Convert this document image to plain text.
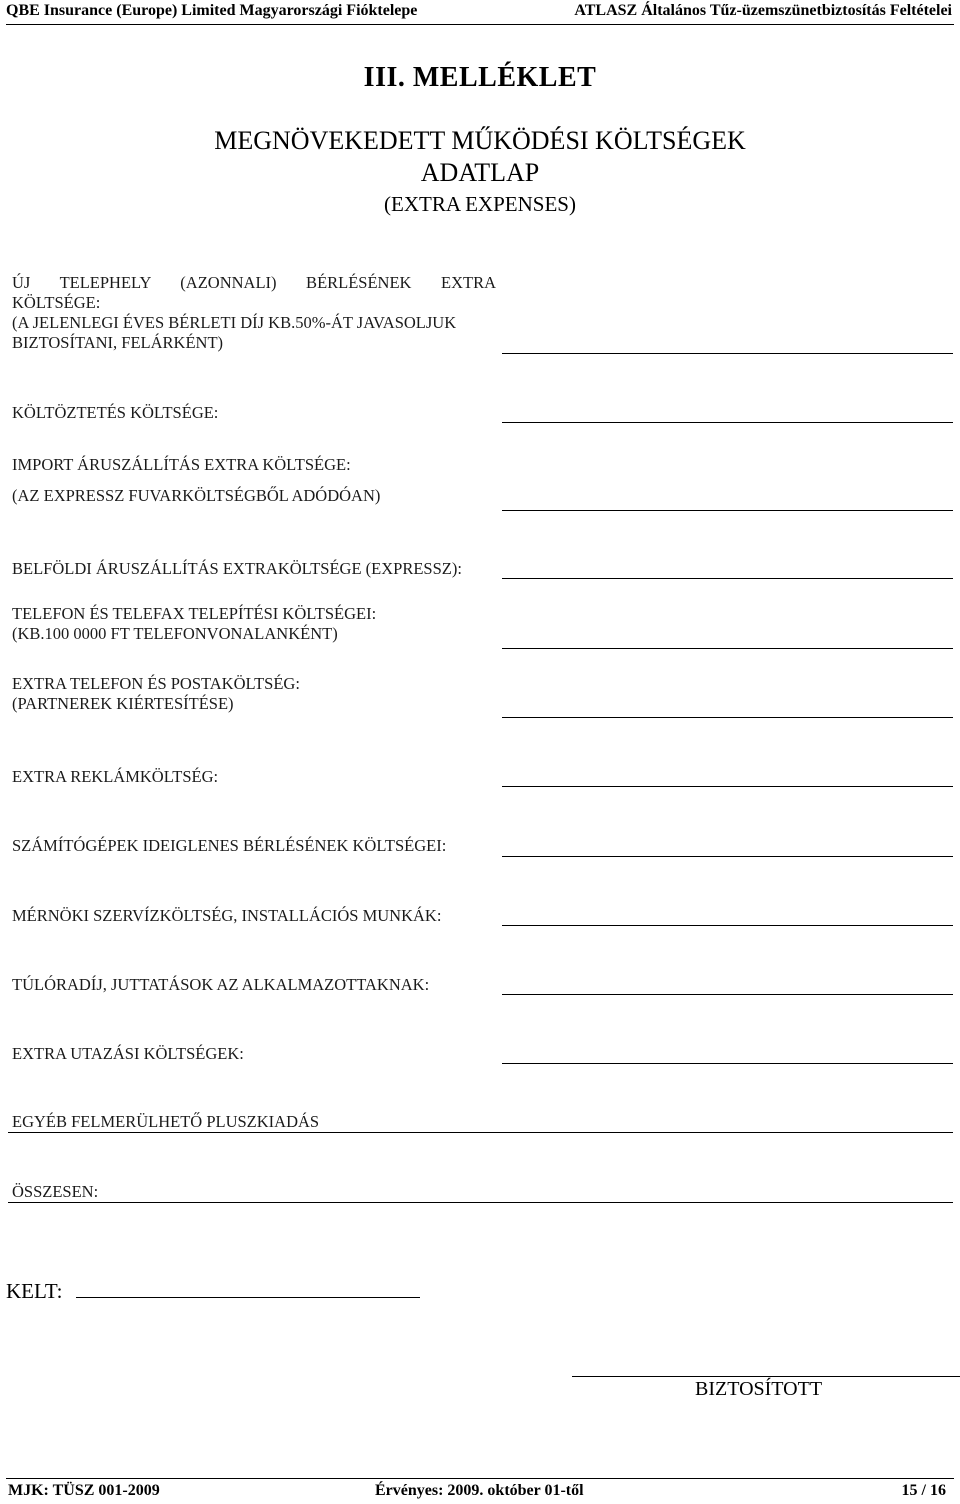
QBE Insurance (Europe) Limited Magyarországi Fióktelepe	ATLASZ Általános Tűz-üzemszünetbiztosítás Feltételei
III. MELLÉKLET
MEGNÖVEKEDETT MŰKÖDÉSI KÖLTSÉGEK
ADATLAP
(EXTRA EXPENSES)
ÚJ TELEPHELY (AZONNALI) BÉRLÉSÉNEK EXTRA
KÖLTSÉGE:
(A JELENLEGI ÉVES BÉRLETI DÍJ KB.50%-ÁT JAVASOLJUK
BIZTOSÍTANI, FELÁRKÉNT)
KÖLTÖZTETÉS KÖLTSÉGE:
IMPORT ÁRUSZÁLLÍTÁS EXTRA KÖLTSÉGE:
(AZ EXPRESSZ FUVARKÖLTSÉGBŐL ADÓDÓAN)
BELFÖLDI ÁRUSZÁLLÍTÁS EXTRAKÖLTSÉGE (EXPRESSZ):
TELEFON ÉS TELEFAX TELEPÍTÉSI KÖLTSÉGEI:
(KB.100 0000 FT TELEFONVONALANKÉNT)
EXTRA TELEFON ÉS POSTAKÖLTSÉG:
(PARTNEREK KIÉRTESÍTÉSE)
EXTRA REKLÁMKÖLTSÉG:
SZÁMÍTÓGÉPEK IDEIGLENES BÉRLÉSÉNEK KÖLTSÉGEI:
MÉRNÖKI SZERVÍZKÖLTSÉG, INSTALLÁCIÓS MUNKÁK:
TÚLÓRADÍJ, JUTTATÁSOK AZ ALKALMAZOTTAKNAK:
EXTRA UTAZÁSI KÖLTSÉGEK:
EGYÉB FELMERÜLHETŐ PLUSZKIADÁS
ÖSSZESEN:
KELT:
BIZTOSÍTOTT
MJK: TÜSZ 001-2009	Érvényes: 2009. október 01-től	15 / 16
